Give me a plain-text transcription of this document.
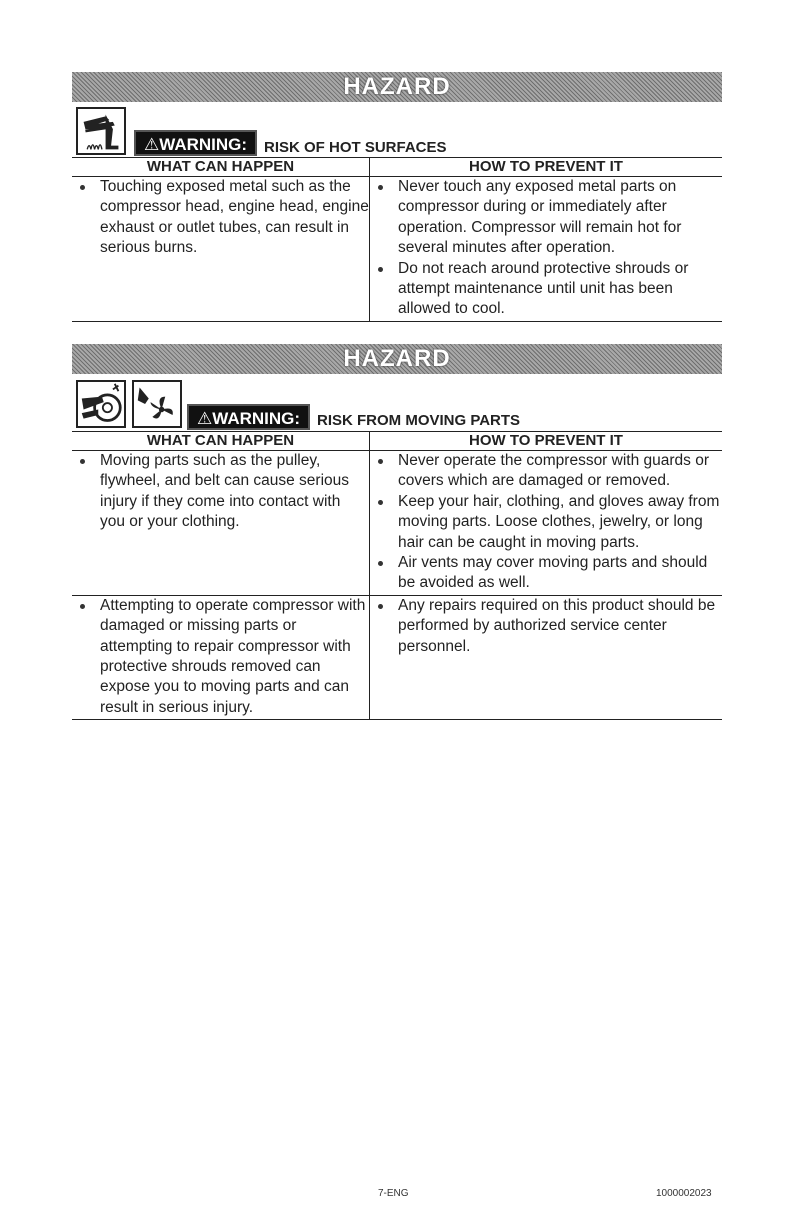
HAZARD
⚠WARNING:	RISK OF HOT SURFACES
WHAT CAN HAPPEN	HOW TO PREVENT IT

Touching exposed metal such as the compressor head, engine head, engine exhaust or outlet tubes, can result in serious burns.	Never touch any exposed metal parts on compressor during or immediately after operation. Compressor will remain hot for several minutes after operation.
Do not reach around protective shrouds or attempt maintenance until unit has been allowed to cool.
HAZARD
⚠WARNING:	RISK FROM MOVING PARTS
WHAT CAN HAPPEN	HOW TO PREVENT IT

Moving parts such as the pulley, flywheel, and belt can cause serious injury if they come into contact with you or your clothing.	Never operate the compressor with guards or covers which are damaged or removed.
Keep your hair, clothing, and gloves away from moving parts. Loose clothes, jewelry, or long hair can be caught in moving parts.
Air vents may cover moving parts and should be avoided as well.

Attempting to operate compressor with damaged or missing parts or attempting to repair compressor with protective shrouds removed can expose you to moving parts and can result in serious injury.	Any repairs required on this product should be performed by authorized service center personnel.
7-ENG	1000002023
